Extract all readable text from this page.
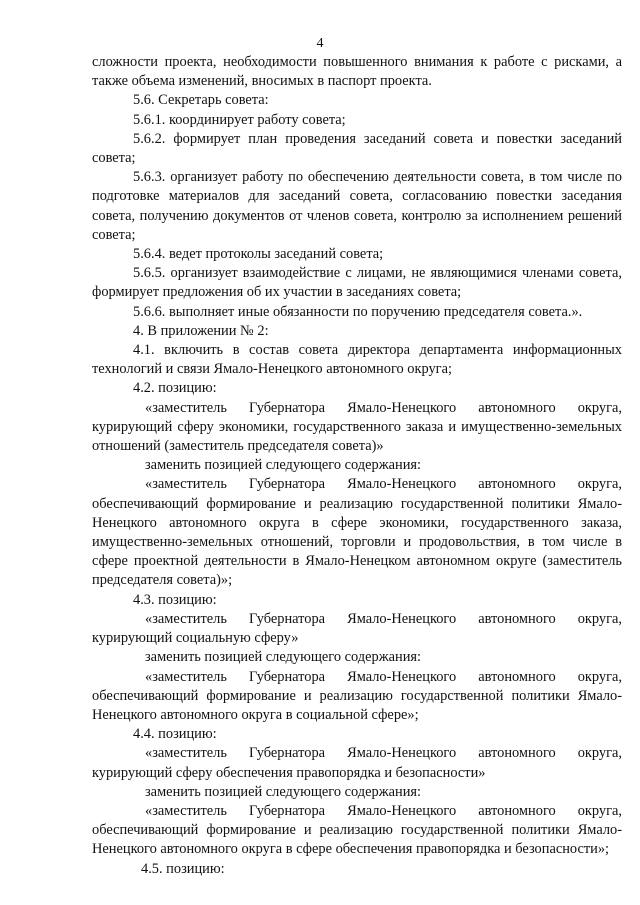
4

сложности проекта, необходимости повышенного внимания к работе с рисками, а также объема изменений, вносимых в паспорт проекта.

5.6. Секретарь совета:

5.6.1. координирует работу совета;

5.6.2. формирует план проведения заседаний совета и повестки заседаний совета;

5.6.3. организует работу по обеспечению деятельности совета, в том числе по подготовке материалов для заседаний совета, согласованию повестки заседания совета, получению документов от членов совета, контролю за исполнением решений совета;

5.6.4. ведет протоколы заседаний совета;

5.6.5. организует взаимодействие с лицами, не являющимися членами совета, формирует предложения об их участии в заседаниях совета;

5.6.6. выполняет иные обязанности по поручению председателя совета.».

4. В приложении № 2:

4.1. включить в состав совета директора департамента информационных технологий и связи Ямало-Ненецкого автономного округа;

4.2. позицию:

«заместитель Губернатора Ямало-Ненецкого автономного округа, курирующий сферу экономики, государственного заказа и имущественно-земельных отношений (заместитель председателя совета)»

заменить позицией следующего содержания:

«заместитель Губернатора Ямало-Ненецкого автономного округа, обеспечивающий формирование и реализацию государственной политики Ямало-Ненецкого автономного округа в сфере экономики, государственного заказа, имущественно-земельных отношений, торговли и продовольствия, в том числе в сфере проектной деятельности в Ямало-Ненецком автономном округе (заместитель председателя совета)»;

4.3. позицию:

«заместитель Губернатора Ямало-Ненецкого автономного округа, курирующий социальную сферу»

заменить позицией следующего содержания:

«заместитель Губернатора Ямало-Ненецкого автономного округа, обеспечивающий формирование и реализацию государственной политики Ямало-Ненецкого автономного округа в социальной сфере»;

4.4. позицию:

«заместитель Губернатора Ямало-Ненецкого автономного округа, курирующий сферу обеспечения правопорядка и безопасности»

заменить позицией следующего содержания:

«заместитель Губернатора Ямало-Ненецкого автономного округа, обеспечивающий формирование и реализацию государственной политики Ямало-Ненецкого автономного округа в сфере обеспечения правопорядка и безопасности»;

4.5. позицию:
